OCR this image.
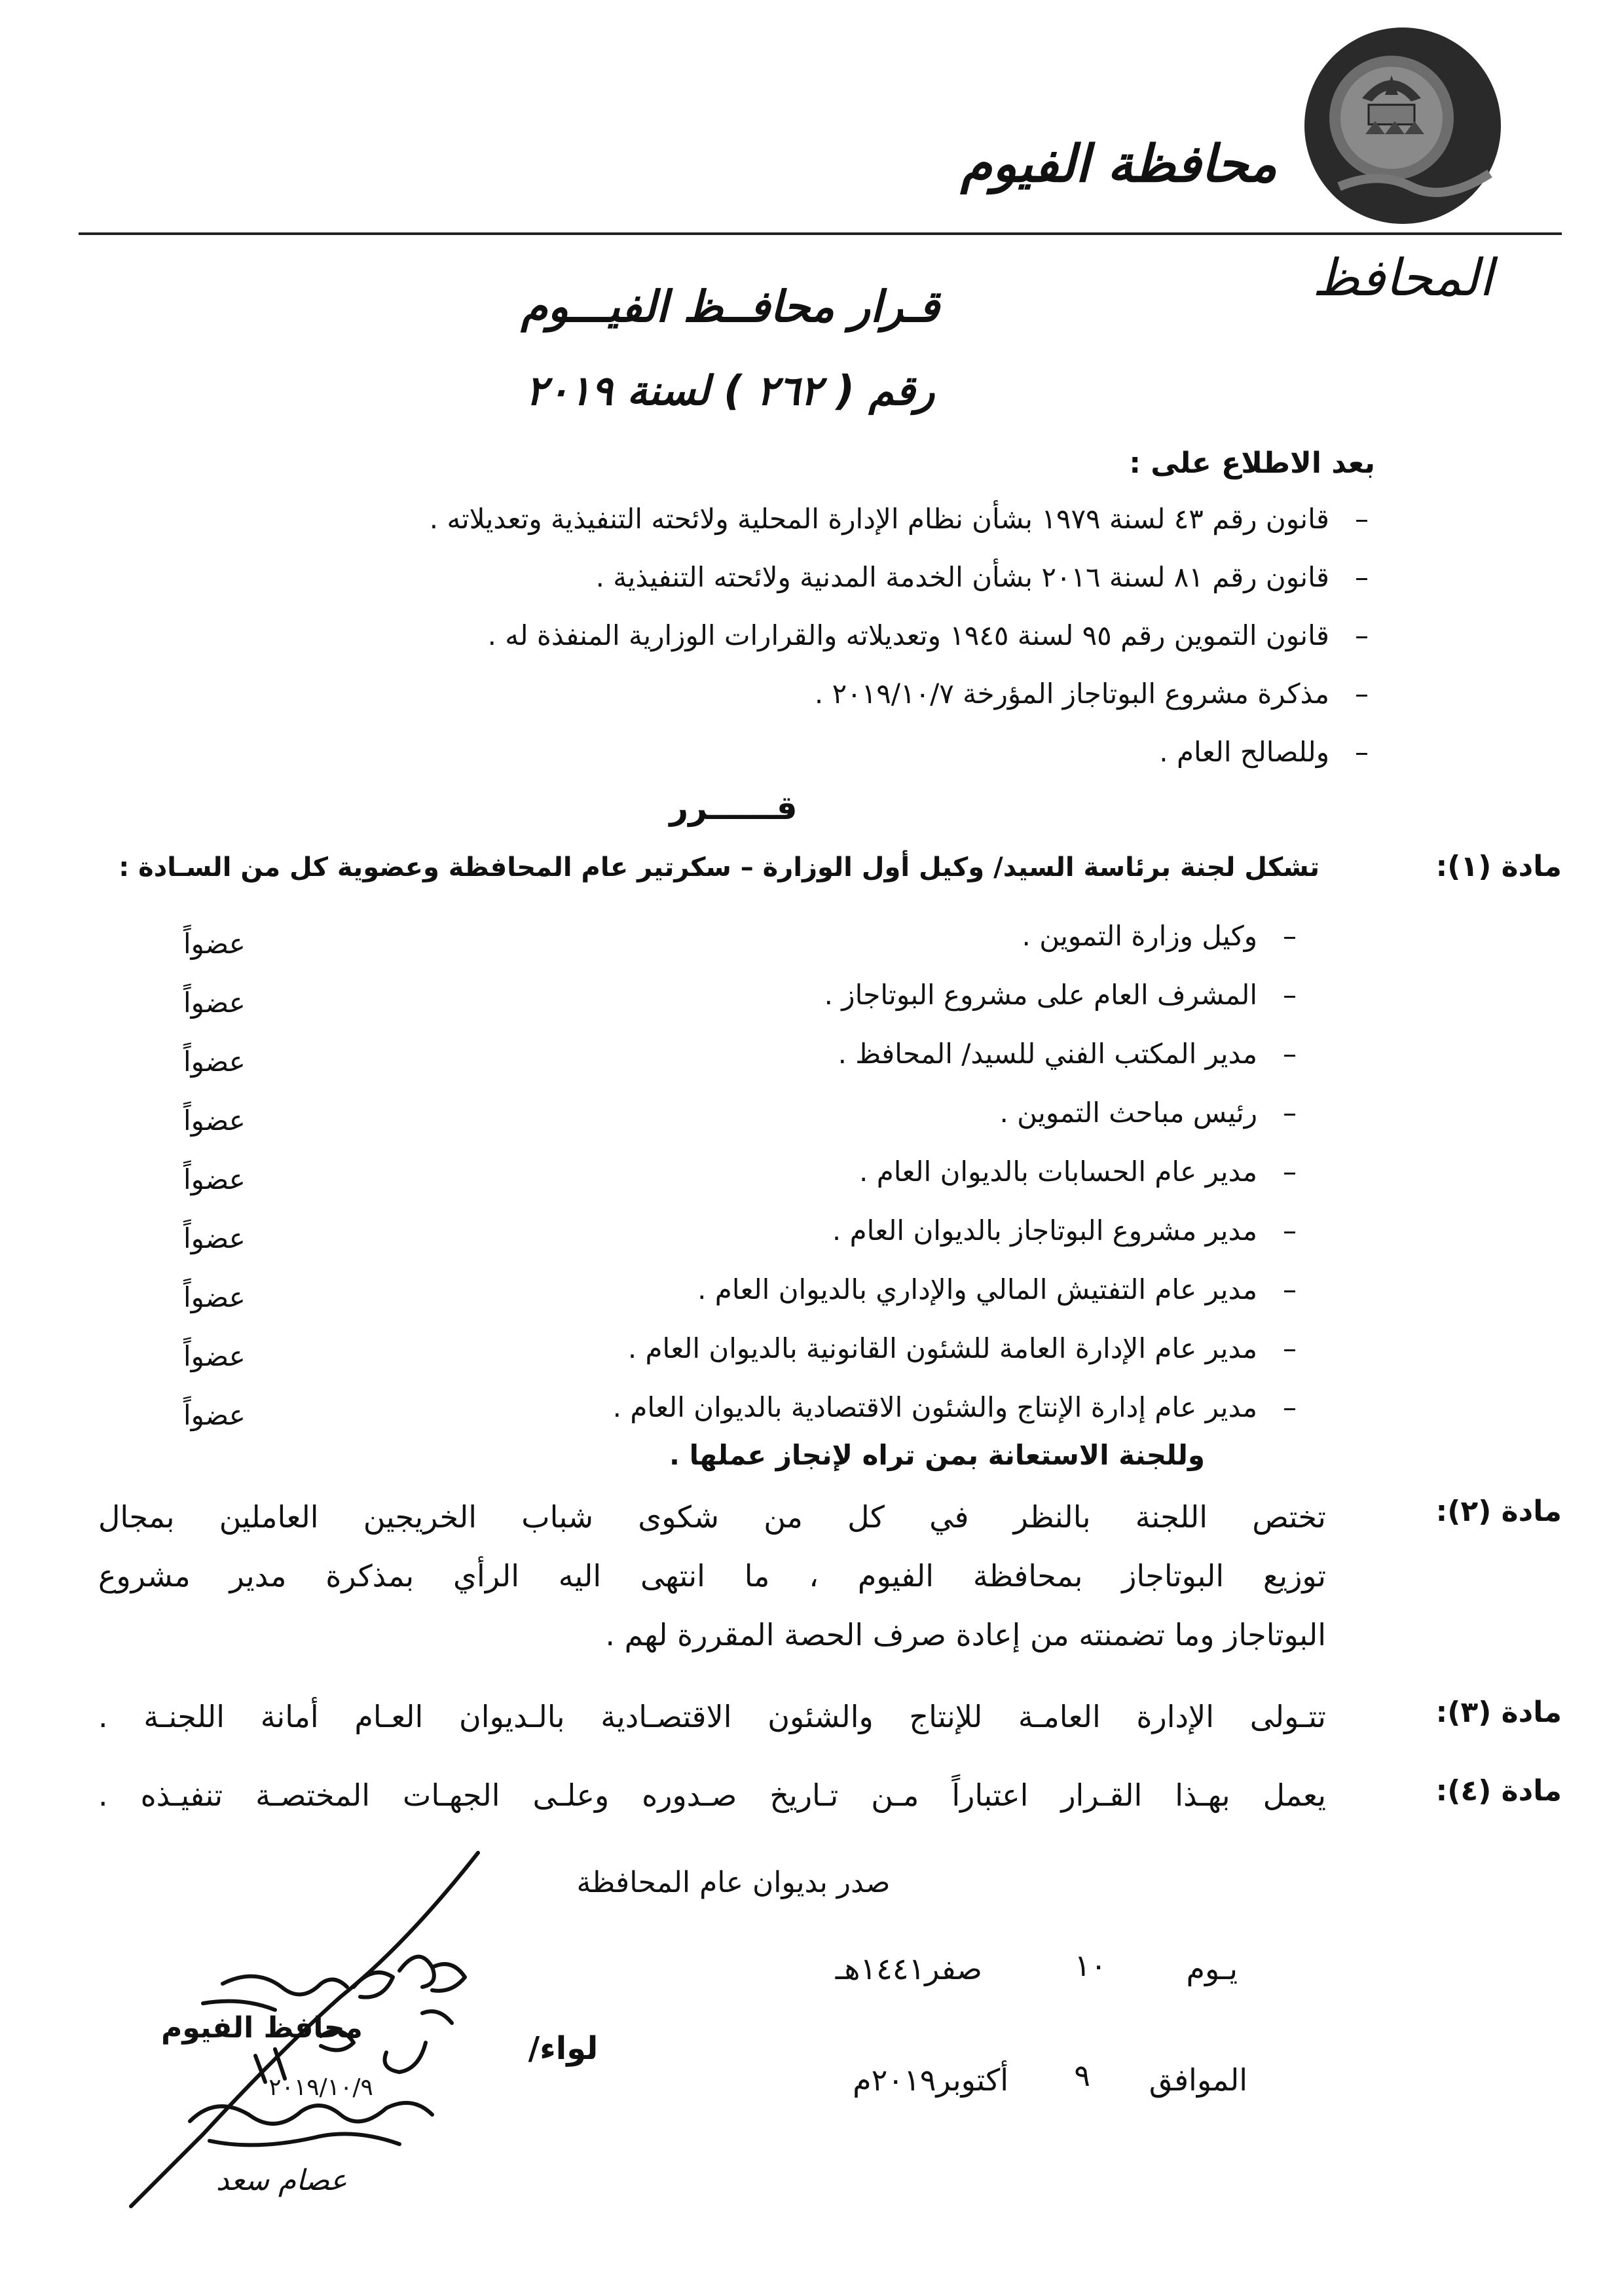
محافظة الفيوم
المحافظ
قـرار محافــظ الفيـــوم
رقم ( ٢٦٢ ) لسنة ٢٠١٩
بعد الاطلاع على :
–
قانون رقم ٤٣ لسنة ١٩٧٩ بشأن نظام الإدارة المحلية ولائحته التنفيذية وتعديلاته .
–
قانون رقم ٨١ لسنة ٢٠١٦ بشأن الخدمة المدنية ولائحته التنفيذية .
–
قانون التموين رقم ٩٥ لسنة ١٩٤٥ وتعديلاته والقرارات الوزارية المنفذة له .
–
مذكرة مشروع البوتاجاز المؤرخة ٢٠١٩/١٠/٧ .
–
وللصالح العام .
قــــــرر
مادة (١):
تشكل لجنة برئاسة السيد/ وكيل أول الوزارة – سكرتير عام المحافظة وعضوية كل من السـادة :
–
وكيل وزارة التموين .
عضواً
–
المشرف العام على مشروع البوتاجاز .
عضواً
–
مدير المكتب الفني للسيد/ المحافظ .
عضواً
–
رئيس مباحث التموين .
عضواً
–
مدير عام الحسابات بالديوان العام .
عضواً
–
مدير مشروع البوتاجاز بالديوان العام .
عضواً
–
مدير عام التفتيش المالي والإداري بالديوان العام .
عضواً
–
مدير عام الإدارة العامة للشئون القانونية بالديوان العام .
عضواً
–
مدير عام إدارة الإنتاج والشئون الاقتصادية بالديوان العام .
عضواً
وللجنة الاستعانة بمن تراه لإنجاز عملها .
مادة (٢):
تختص اللجنة بالنظر في كل من شكوى شباب الخريجين العاملين بمجال
توزيع البوتاجاز بمحافظة الفيوم ، ما انتهى اليه الرأي بمذكرة مدير مشروع
البوتاجاز وما تضمنته من إعادة صرف الحصة المقررة لهم .
مادة (٣):
تتـولى الإدارة العامـة للإنتاج والشئون الاقتصـادية بالـديوان العـام أمانة اللجنـة .
مادة (٤):
يعمل بهـذا القـرار اعتباراً مـن تـاريخ صـدوره وعلـى الجهـات المختصـة تنفيـذه .
صدر بديوان عام المحافظة
يـوم
١٠
صفر١٤٤١هـ
الموافق
٩
أكتوبر٢٠١٩م
محافظ الفيوم
لواء/
عصام سعد
٢٠١٩/١٠/٩
